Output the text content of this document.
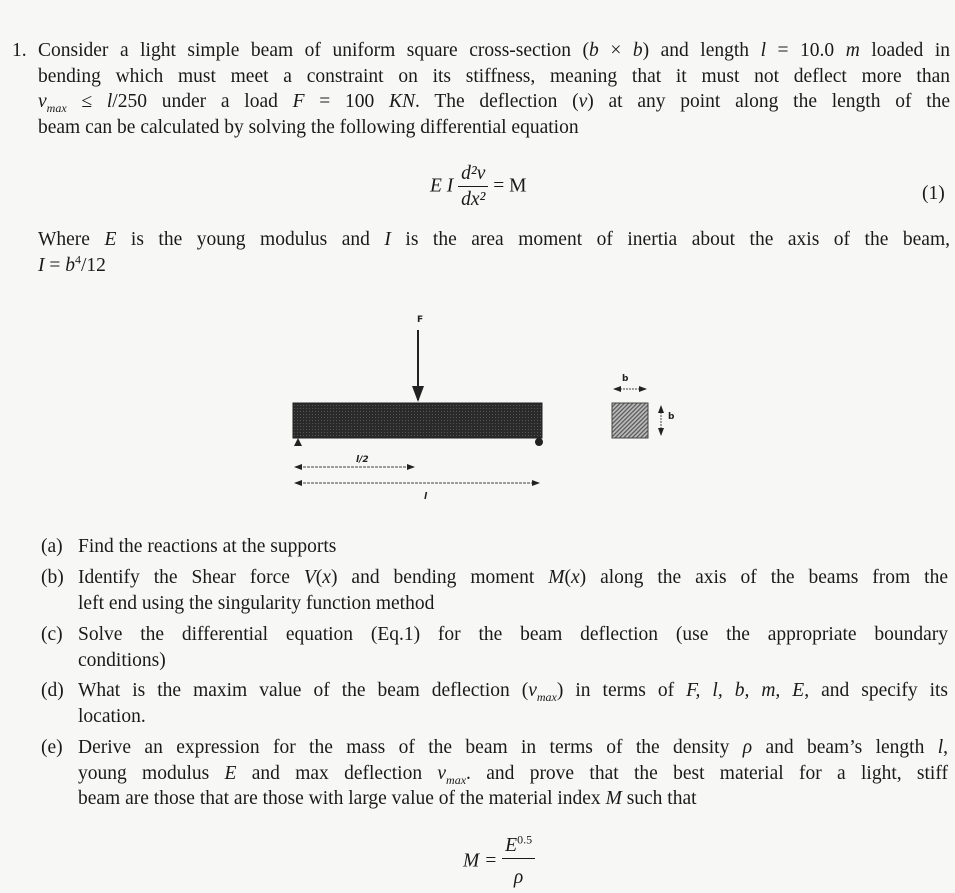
1. Consider a light simple beam of uniform square cross-section (b × b) and length l = 10.0 m loaded in
bending which must meet a constraint on its stiffness, meaning that it must not deflect more than
$\nu_{max} \le l/250$ under a load F = 100 KN. The deflection (ν) at any point along the length of the
beam can be calculated by solving the following differential equation
E I $\frac{\text{d²ν}}{\text{dx²}} = M$	(1)
Where E is the young modulus and I is the area moment of inertia about the axis of the beam,
$I = b^4/12$
F
l/2
l
b
b
(a) Find the reactions at the supports
(b) Identify the Shear force V(x) and bending moment M(x) along the axis of the beams from the
left end using the singularity function method
(c) Solve the differential equation (Eq.1) for the beam deflection (use the appropriate boundary
conditions)
(d) What is the maxim value of the beam deflection $(\nu_{max})$ in terms of F, l, b, m, E, and specify its
location.
(e) Derive an expression for the mass of the beam in terms of the density ρ and beam’s length l,
young modulus E and max deflection $\nu_{max}$. and prove that the best material for a light, stiff
beam are those that are those with large value of the material index M such that
$M = \frac{E^{0.5}}{\rho}$
